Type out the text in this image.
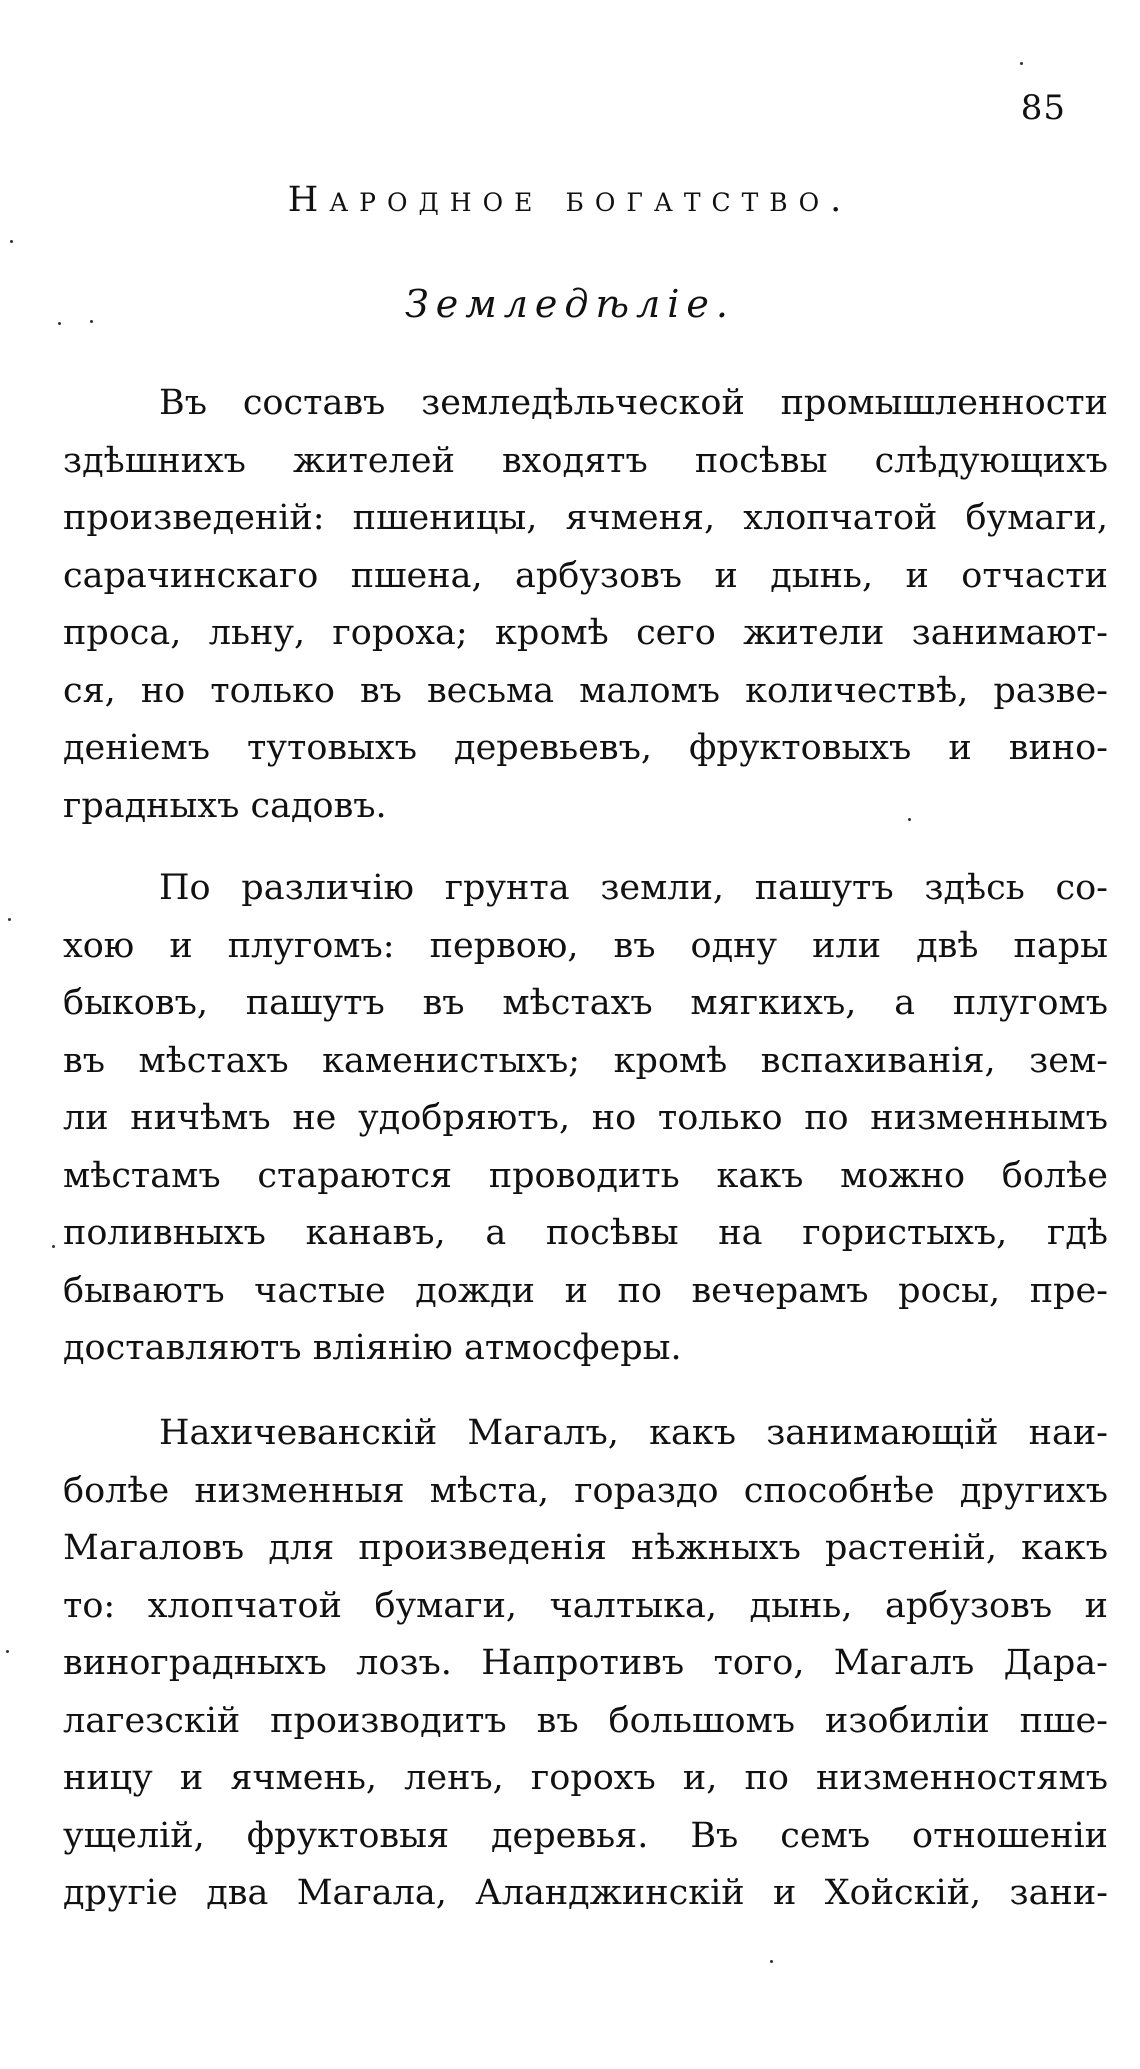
85
Народное богатство.
Земледѣлiе.
Въ составъ земледѣльческой промышленности
здѣшнихъ жителей входятъ посѣвы слѣдующихъ
произведенiй: пшеницы, ячменя, хлопчатой бумаги,
сарачинскаго пшена, арбузовъ и дынь, и отчасти
проса, льну, гороха; кромѣ сего жители занимают-
ся, но только въ весьма маломъ количествѣ, разве-
денiемъ тутовыхъ деревьевъ, фруктовыхъ и вино-
градныхъ садовъ.
По различiю грунта земли, пашутъ здѣсь со-
хою и плугомъ: первою, въ одну или двѣ пары
быковъ, пашутъ въ мѣстахъ мягкихъ, а плугомъ
въ мѣстахъ каменистыхъ; кромѣ вспахиванiя, зем-
ли ничѣмъ не удобряютъ, но только по низменнымъ
мѣстамъ стараются проводить какъ можно болѣе
поливныхъ канавъ, а посѣвы на гористыхъ, гдѣ
бываютъ частые дожди и по вечерамъ росы, пре-
доставляютъ влiянiю атмосферы.
Нахичеванскiй Магалъ, какъ занимающiй наи-
болѣе низменныя мѣста, гораздо способнѣе другихъ
Магаловъ для произведенiя нѣжныхъ растенiй, какъ
то: хлопчатой бумаги, чалтыка, дынь, арбузовъ и
виноградныхъ лозъ. Напротивъ того, Магалъ Дара-
лагезскiй производитъ въ большомъ изобилiи пше-
ницу и ячмень, ленъ, горохъ и, по низменностямъ
ущелiй, фруктовыя деревья. Въ семъ отношенiи
другiе два Магала, Аланджинскiй и Хойскiй, зани-
